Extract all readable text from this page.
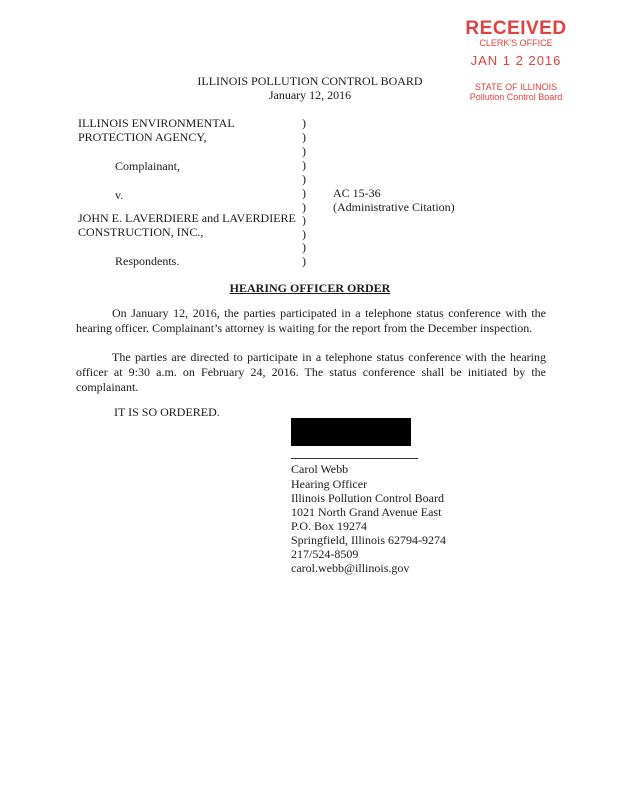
RECEIVED
CLERK'S OFFICE
JAN 1 2 2016
STATE OF ILLINOIS
Pollution Control Board
ILLINOIS POLLUTION CONTROL BOARD
January 12, 2016
ILLINOIS ENVIRONMENTAL
PROTECTION AGENCY,
Complainant,
v.
JOHN E. LAVERDIERE and LAVERDIERE
CONSTRUCTION, INC.,
Respondents.
)
)
)
)
)
)
)
)
)
)
)
AC 15-36
(Administrative Citation)
HEARING OFFICER ORDER
On January 12, 2016, the parties participated in a telephone status conference with the hearing officer. Complainant’s attorney is waiting for the report from the December inspection.
The parties are directed to participate in a telephone status conference with the hearing officer at 9:30 a.m. on February 24, 2016. The status conference shall be initiated by the complainant.
IT IS SO ORDERED.
Carol Webb
Hearing Officer
Illinois Pollution Control Board
1021 North Grand Avenue East
P.O. Box 19274
Springfield, Illinois 62794-9274
217/524-8509
carol.webb@illinois.gov
